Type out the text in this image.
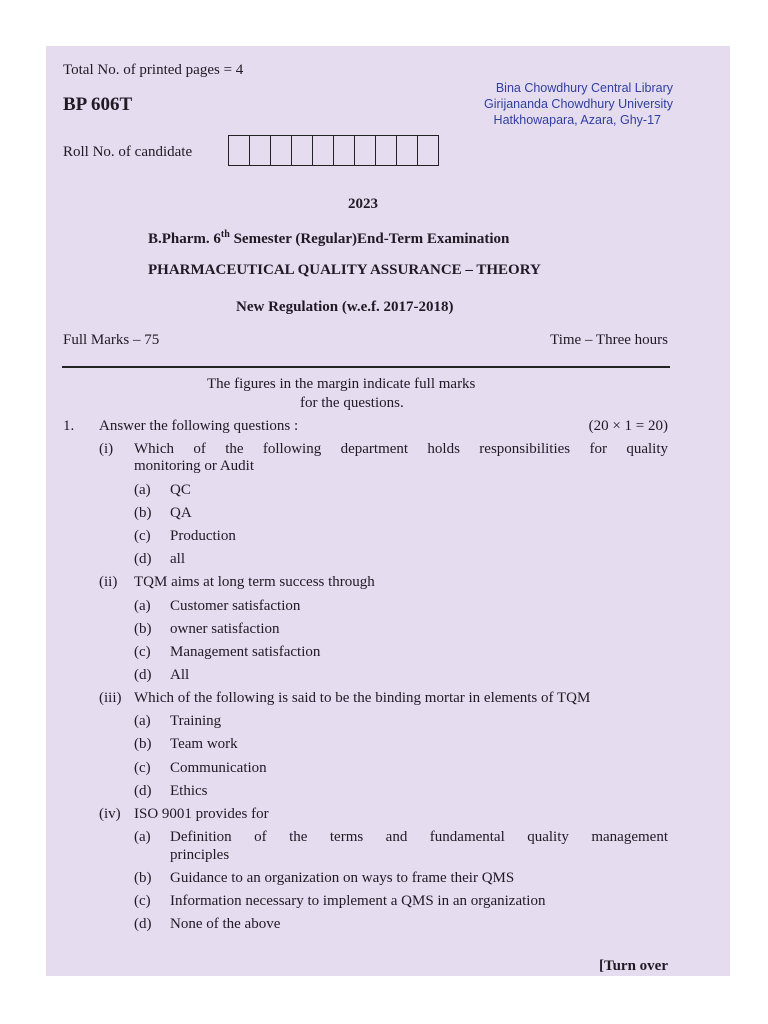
Total No. of printed pages = 4
BP 606T
Bina Chowdhury Central Library
Girijananda Chowdhury University
Hatkhowapara, Azara, Ghy-17
Roll No. of candidate
2023
B.Pharm. 6th Semester (Regular)End-Term Examination
PHARMACEUTICAL QUALITY ASSURANCE – THEORY
New Regulation (w.e.f. 2017-2018)
Full Marks – 75	Time – Three hours
The figures in the margin indicate full marks
for the questions.
1. Answer the following questions :	(20 × 1 = 20)
(i) Which of the following department holds responsibilities for quality
monitoring or Audit
(a) QC
(b) QA
(c) Production
(d) all
(ii) TQM aims at long term success through
(a) Customer satisfaction
(b) owner satisfaction
(c) Management satisfaction
(d) All
(iii) Which of the following is said to be the binding mortar in elements of TQM
(a) Training
(b) Team work
(c) Communication
(d) Ethics
(iv) ISO 9001 provides for
(a) Definition of the terms and fundamental quality management
principles
(b) Guidance to an organization on ways to frame their QMS
(c) Information necessary to implement a QMS in an organization
(d) None of the above
[Turn over
